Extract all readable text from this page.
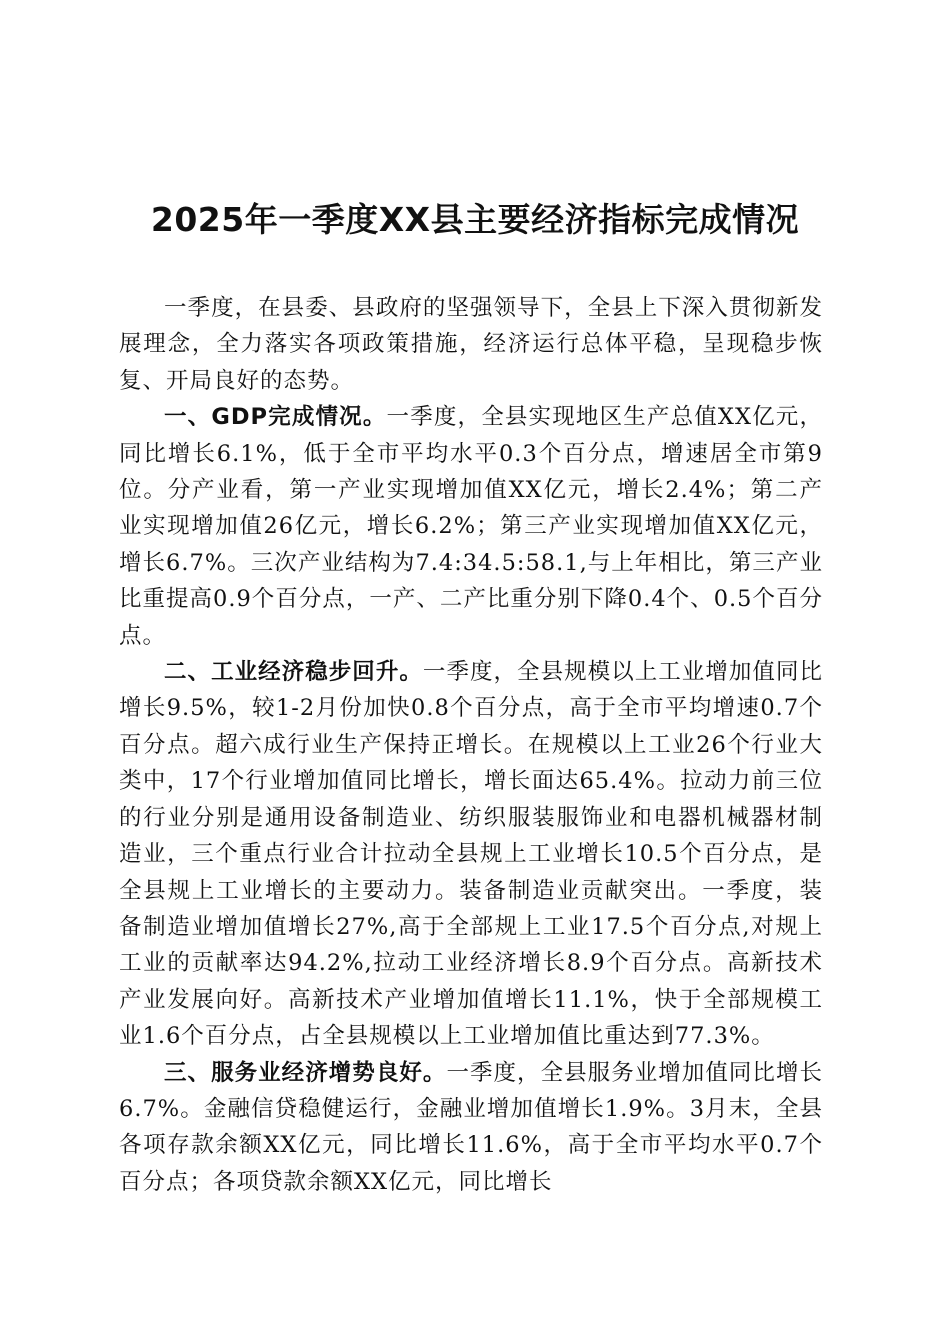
2025年一季度XX县主要经济指标完成情况

一季度，在县委、县政府的坚强领导下，全县上下深入贯彻新发展理念，全力落实各项政策措施，经济运行总体平稳，呈现稳步恢复、开局良好的态势。

一、GDP完成情况。一季度，全县实现地区生产总值XX亿元，同比增长6.1%，低于全市平均水平0.3个百分点，增速居全市第9位。分产业看，第一产业实现增加值XX亿元，增长2.4%；第二产业实现增加值26亿元，增长6.2%；第三产业实现增加值XX亿元，增长6.7%。三次产业结构为7.4:34.5:58.1,与上年相比，第三产业比重提高0.9个百分点，一产、二产比重分别下降0.4个、0.5个百分点。

二、工业经济稳步回升。一季度，全县规模以上工业增加值同比增长9.5%，较1-2月份加快0.8个百分点，高于全市平均增速0.7个百分点。超六成行业生产保持正增长。在规模以上工业26个行业大类中，17个行业增加值同比增长，增长面达65.4%。拉动力前三位的行业分别是通用设备制造业、纺织服装服饰业和电器机械器材制造业，三个重点行业合计拉动全县规上工业增长10.5个百分点，是全县规上工业增长的主要动力。装备制造业贡献突出。一季度，装备制造业增加值增长27%,高于全部规上工业17.5个百分点,对规上工业的贡献率达94.2%,拉动工业经济增长8.9个百分点。高新技术产业发展向好。高新技术产业增加值增长11.1%，快于全部规模工业1.6个百分点，占全县规模以上工业增加值比重达到77.3%。

三、服务业经济增势良好。一季度，全县服务业增加值同比增长6.7%。金融信贷稳健运行，金融业增加值增长1.9%。3月末，全县各项存款余额XX亿元，同比增长11.6%，高于全市平均水平0.7个百分点；各项贷款余额XX亿元，同比增长
